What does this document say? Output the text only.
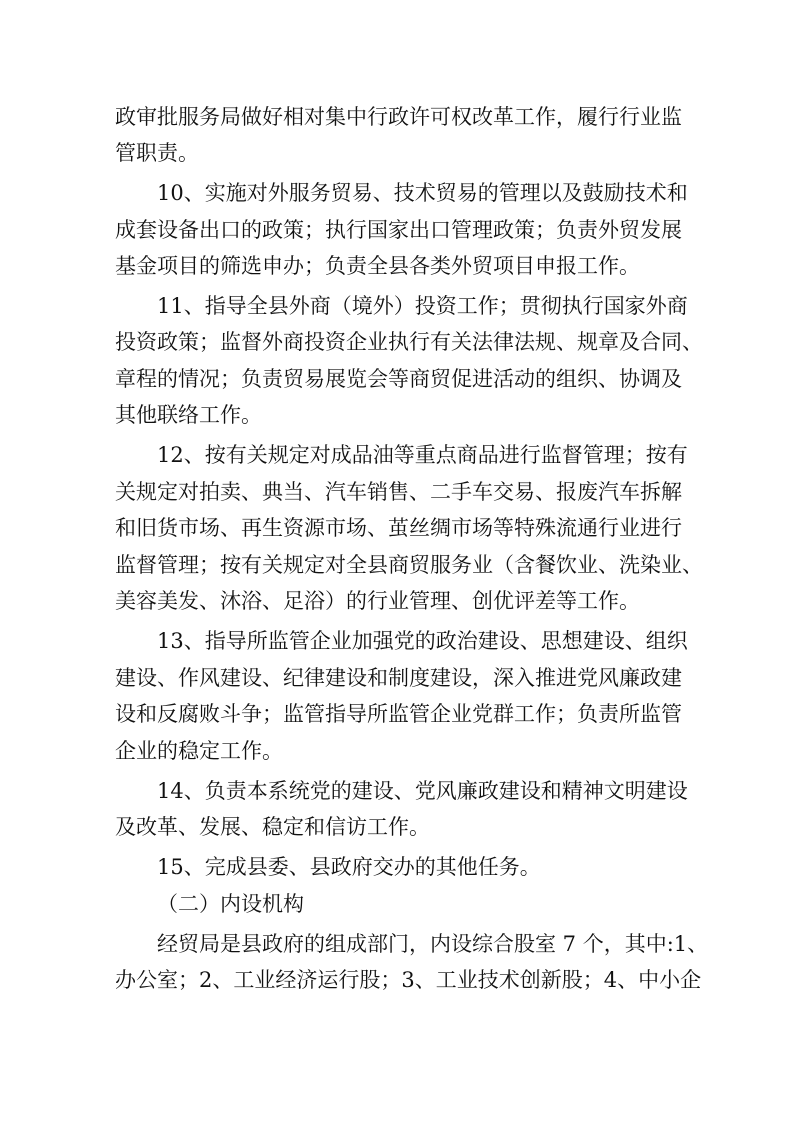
政审批服务局做好相对集中行政许可权改革工作，履行行业监
管职责。
10、实施对外服务贸易、技术贸易的管理以及鼓励技术和
成套设备出口的政策；执行国家出口管理政策；负责外贸发展
基金项目的筛选申办；负责全县各类外贸项目申报工作。
11、指导全县外商（境外）投资工作；贯彻执行国家外商
投资政策；监督外商投资企业执行有关法律法规、规章及合同、
章程的情况；负责贸易展览会等商贸促进活动的组织、协调及
其他联络工作。
12、按有关规定对成品油等重点商品进行监督管理；按有
关规定对拍卖、典当、汽车销售、二手车交易、报废汽车拆解
和旧货市场、再生资源市场、茧丝绸市场等特殊流通行业进行
监督管理；按有关规定对全县商贸服务业（含餐饮业、洗染业、
美容美发、沐浴、足浴）的行业管理、创优评差等工作。
13、指导所监管企业加强党的政治建设、思想建设、组织
建设、作风建设、纪律建设和制度建设，深入推进党风廉政建
设和反腐败斗争；监管指导所监管企业党群工作；负责所监管
企业的稳定工作。
14、负责本系统党的建设、党风廉政建设和精神文明建设
及改革、发展、稳定和信访工作。
15、完成县委、县政府交办的其他任务。
（二）内设机构
经贸局是县政府的组成部门，内设综合股室 7 个，其中:1、
办公室；2、工业经济运行股；3、工业技术创新股；4、中小企
